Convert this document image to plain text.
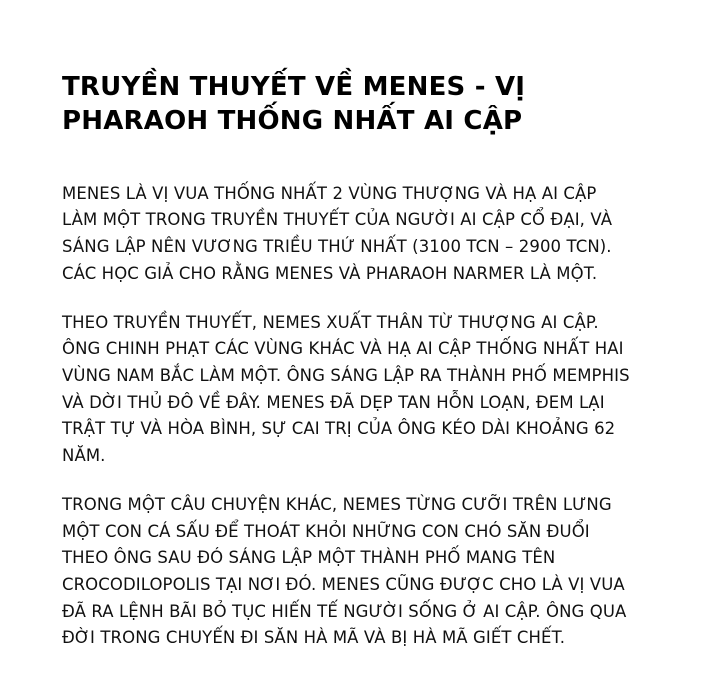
TRUYỀN THUYẾT VỀ MENES - VỊ PHARAOH THỐNG NHẤT AI CẬP

MENES LÀ VỊ VUA THỐNG NHẤT 2 VÙNG THƯỢNG VÀ HẠ AI CẬP LÀM MỘT TRONG TRUYỀN THUYẾT CỦA NGƯỜI AI CẬP CỔ ĐẠI, VÀ SÁNG LẬP NÊN VƯƠNG TRIỀU THỨ NHẤT (3100 TCN – 2900 TCN). CÁC HỌC GIẢ CHO RẰNG MENES VÀ PHARAOH NARMER LÀ MỘT.

THEO TRUYỀN THUYẾT, NEMES XUẤT THÂN TỪ THƯỢNG AI CẬP. ÔNG CHINH PHẠT CÁC VÙNG KHÁC VÀ HẠ AI CẬP THỐNG NHẤT HAI VÙNG NAM BẮC LÀM MỘT. ÔNG SÁNG LẬP RA THÀNH PHỐ MEMPHIS VÀ DỜI THỦ ĐÔ VỀ ĐÂY. MENES ĐÃ DẸP TAN HỖN LOẠN, ĐEM LẠI TRẬT TỰ VÀ HÒA BÌNH, SỰ CAI TRỊ CỦA ÔNG KÉO DÀI KHOẢNG 62 NĂM.

TRONG MỘT CÂU CHUYỆN KHÁC, NEMES TỪNG CƯỠI TRÊN LƯNG MỘT CON CÁ SẤU ĐỂ THOÁT KHỎI NHỮNG CON CHÓ SĂN ĐUỔI THEO ÔNG SAU ĐÓ SÁNG LẬP MỘT THÀNH PHỐ MANG TÊN CROCODILOPOLIS TẠI NƠI ĐÓ. MENES CŨNG ĐƯỢC CHO LÀ VỊ VUA ĐÃ RA LỆNH BÃI BỎ TỤC HIẾN TẾ NGƯỜI SỐNG Ở AI CẬP. ÔNG QUA ĐỜI TRONG CHUYẾN ĐI SĂN HÀ MÃ VÀ BỊ HÀ MÃ GIẾT CHẾT.
